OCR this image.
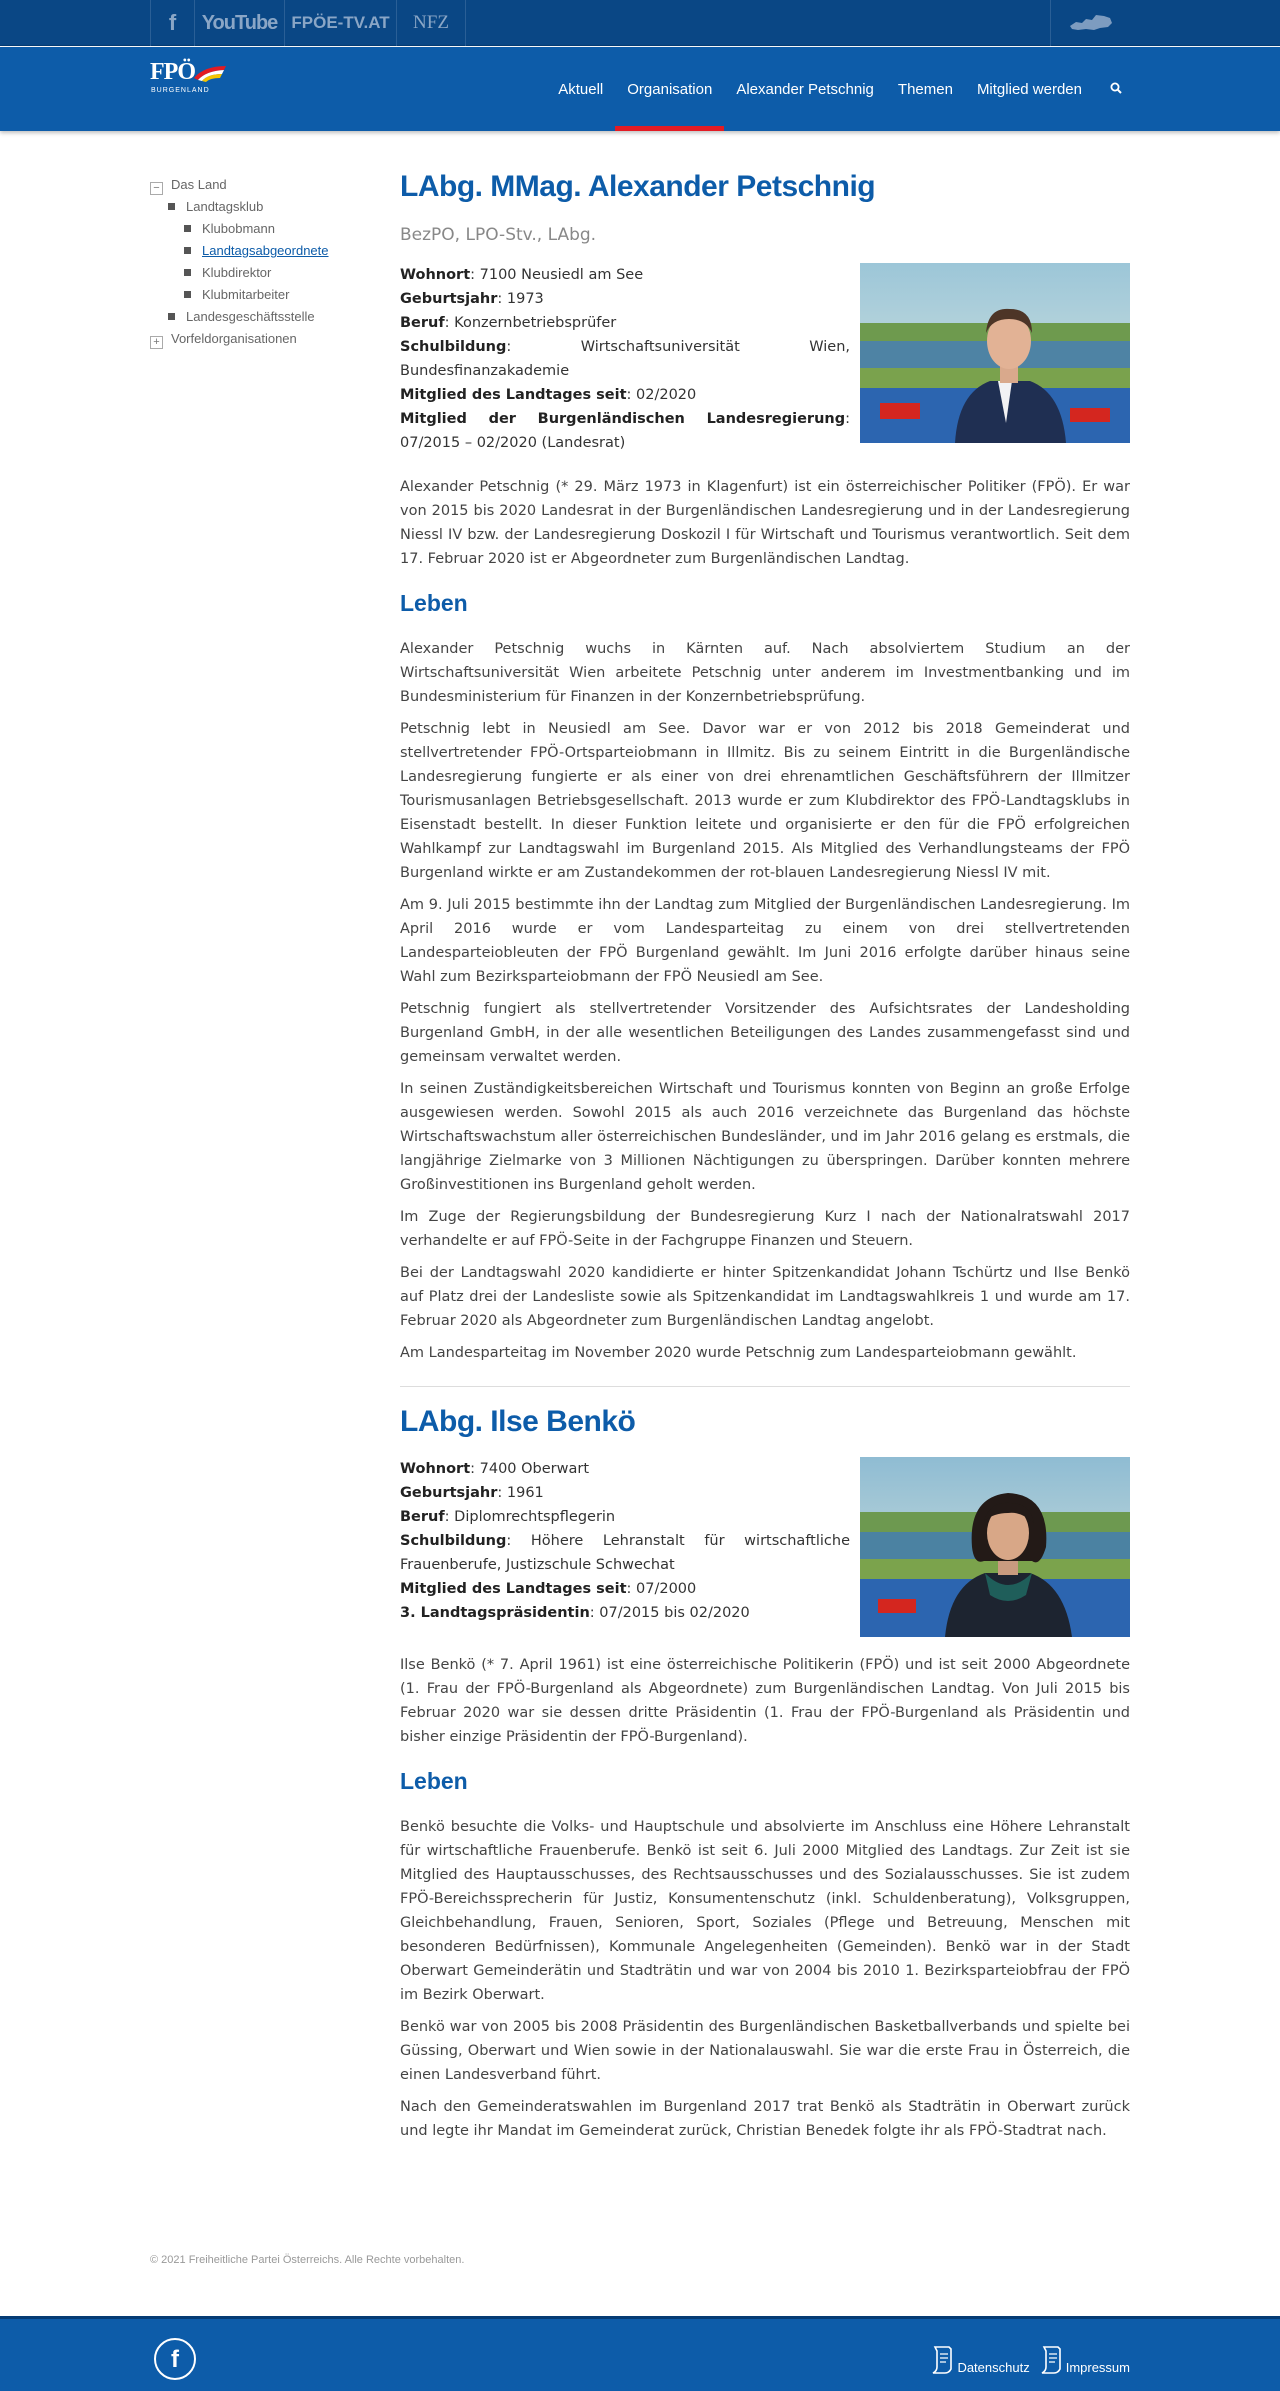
f	YouTube FPÖE-TV.AT	NFZ
FPÖ
BURGENLAND	Aktuell	Organisation	Alexander Petschnig	Themen	Mitglied werden
− Das Land
Landtagsklub
Klubobmann
Landtagsabgeordnete
Klubdirektor
Klubmitarbeiter
Landesgeschäftsstelle
+ Vorfeldorganisationen
LAbg. MMag. Alexander Petschnig
BezPO, LPO-Stv., LAbg.
Wohnort: 7100 Neusiedl am See
Geburtsjahr: 1973
Beruf: Konzernbetriebsprüfer
Schulbildung: Wirtschaftsuniversität Wien, Bundesfinanzakademie
Mitglied des Landtages seit: 02/2020
Mitglied der Burgenländischen Landesregierung: 07/2015 – 02/2020 (Landesrat)

Alexander Petschnig (* 29. März 1973 in Klagenfurt) ist ein österreichischer Politiker (FPÖ). Er war von 2015 bis 2020 Landesrat in der Burgenländischen Landesregierung und in der Landesregierung Niessl IV bzw. der Landesregierung Doskozil I für Wirtschaft und Tourismus verantwortlich. Seit dem 17. Februar 2020 ist er Abgeordneter zum Burgenländischen Landtag.

Leben

Alexander Petschnig wuchs in Kärnten auf. Nach absolviertem Studium an der Wirtschaftsuniversität Wien arbeitete Petschnig unter anderem im Investmentbanking und im Bundesministerium für Finanzen in der Konzernbetriebsprüfung.

Petschnig lebt in Neusiedl am See. Davor war er von 2012 bis 2018 Gemeinderat und stellvertretender FPÖ-Ortsparteiobmann in Illmitz. Bis zu seinem Eintritt in die Burgenländische Landesregierung fungierte er als einer von drei ehrenamtlichen Geschäftsführern der Illmitzer Tourismusanlagen Betriebsgesellschaft. 2013 wurde er zum Klubdirektor des FPÖ-Landtagsklubs in Eisenstadt bestellt. In dieser Funktion leitete und organisierte er den für die FPÖ erfolgreichen Wahlkampf zur Landtagswahl im Burgenland 2015. Als Mitglied des Verhandlungsteams der FPÖ Burgenland wirkte er am Zustandekommen der rot-blauen Landesregierung Niessl IV mit.

Am 9. Juli 2015 bestimmte ihn der Landtag zum Mitglied der Burgenländischen Landesregierung. Im April 2016 wurde er vom Landesparteitag zu einem von drei stellvertretenden Landesparteiobleuten der FPÖ Burgenland gewählt. Im Juni 2016 erfolgte darüber hinaus seine Wahl zum Bezirksparteiobmann der FPÖ Neusiedl am See.

Petschnig fungiert als stellvertretender Vorsitzender des Aufsichtsrates der Landesholding Burgenland GmbH, in der alle wesentlichen Beteiligungen des Landes zusammengefasst sind und gemeinsam verwaltet werden.

In seinen Zuständigkeitsbereichen Wirtschaft und Tourismus konnten von Beginn an große Erfolge ausgewiesen werden. Sowohl 2015 als auch 2016 verzeichnete das Burgenland das höchste Wirtschaftswachstum aller österreichischen Bundesländer, und im Jahr 2016 gelang es erstmals, die langjährige Zielmarke von 3 Millionen Nächtigungen zu überspringen. Darüber konnten mehrere Großinvestitionen ins Burgenland geholt werden.

Im Zuge der Regierungsbildung der Bundesregierung Kurz I nach der Nationalratswahl 2017 verhandelte er auf FPÖ-Seite in der Fachgruppe Finanzen und Steuern.

Bei der Landtagswahl 2020 kandidierte er hinter Spitzenkandidat Johann Tschürtz und Ilse Benkö auf Platz drei der Landesliste sowie als Spitzenkandidat im Landtagswahlkreis 1 und wurde am 17. Februar 2020 als Abgeordneter zum Burgenländischen Landtag angelobt.

Am Landesparteitag im November 2020 wurde Petschnig zum Landesparteiobmann gewählt.

LAbg. Ilse Benkö
Wohnort: 7400 Oberwart
Geburtsjahr: 1961
Beruf: Diplomrechtspflegerin
Schulbildung: Höhere Lehranstalt für wirtschaftliche Frauenberufe, Justizschule Schwechat
Mitglied des Landtages seit: 07/2000
3. Landtagspräsidentin: 07/2015 bis 02/2020

Ilse Benkö (* 7. April 1961) ist eine österreichische Politikerin (FPÖ) und ist seit 2000 Abgeordnete (1. Frau der FPÖ-Burgenland als Abgeordnete) zum Burgenländischen Landtag. Von Juli 2015 bis Februar 2020 war sie dessen dritte Präsidentin (1. Frau der FPÖ-Burgenland als Präsidentin und bisher einzige Präsidentin der FPÖ-Burgenland).

Leben

Benkö besuchte die Volks- und Hauptschule und absolvierte im Anschluss eine Höhere Lehranstalt für wirtschaftliche Frauenberufe. Benkö ist seit 6. Juli 2000 Mitglied des Landtags. Zur Zeit ist sie Mitglied des Hauptausschusses, des Rechtsausschusses und des Sozialausschusses. Sie ist zudem FPÖ-Bereichssprecherin für Justiz, Konsumentenschutz (inkl. Schuldenberatung), Volksgruppen, Gleichbehandlung, Frauen, Senioren, Sport, Soziales (Pflege und Betreuung, Menschen mit besonderen Bedürfnissen), Kommunale Angelegenheiten (Gemeinden). Benkö war in der Stadt Oberwart Gemeinderätin und Stadträtin und war von 2004 bis 2010 1. Bezirksparteiobfrau der FPÖ im Bezirk Oberwart.

Benkö war von 2005 bis 2008 Präsidentin des Burgenländischen Basketballverbands und spielte bei Güssing, Oberwart und Wien sowie in der Nationalauswahl. Sie war die erste Frau in Österreich, die einen Landesverband führt.

Nach den Gemeinderatswahlen im Burgenland 2017 trat Benkö als Stadträtin in Oberwart zurück und legte ihr Mandat im Gemeinderat zurück, Christian Benedek folgte ihr als FPÖ-Stadtrat nach.

© 2021 Freiheitliche Partei Österreichs. Alle Rechte vorbehalten.
f	Datenschutz	Impressum
